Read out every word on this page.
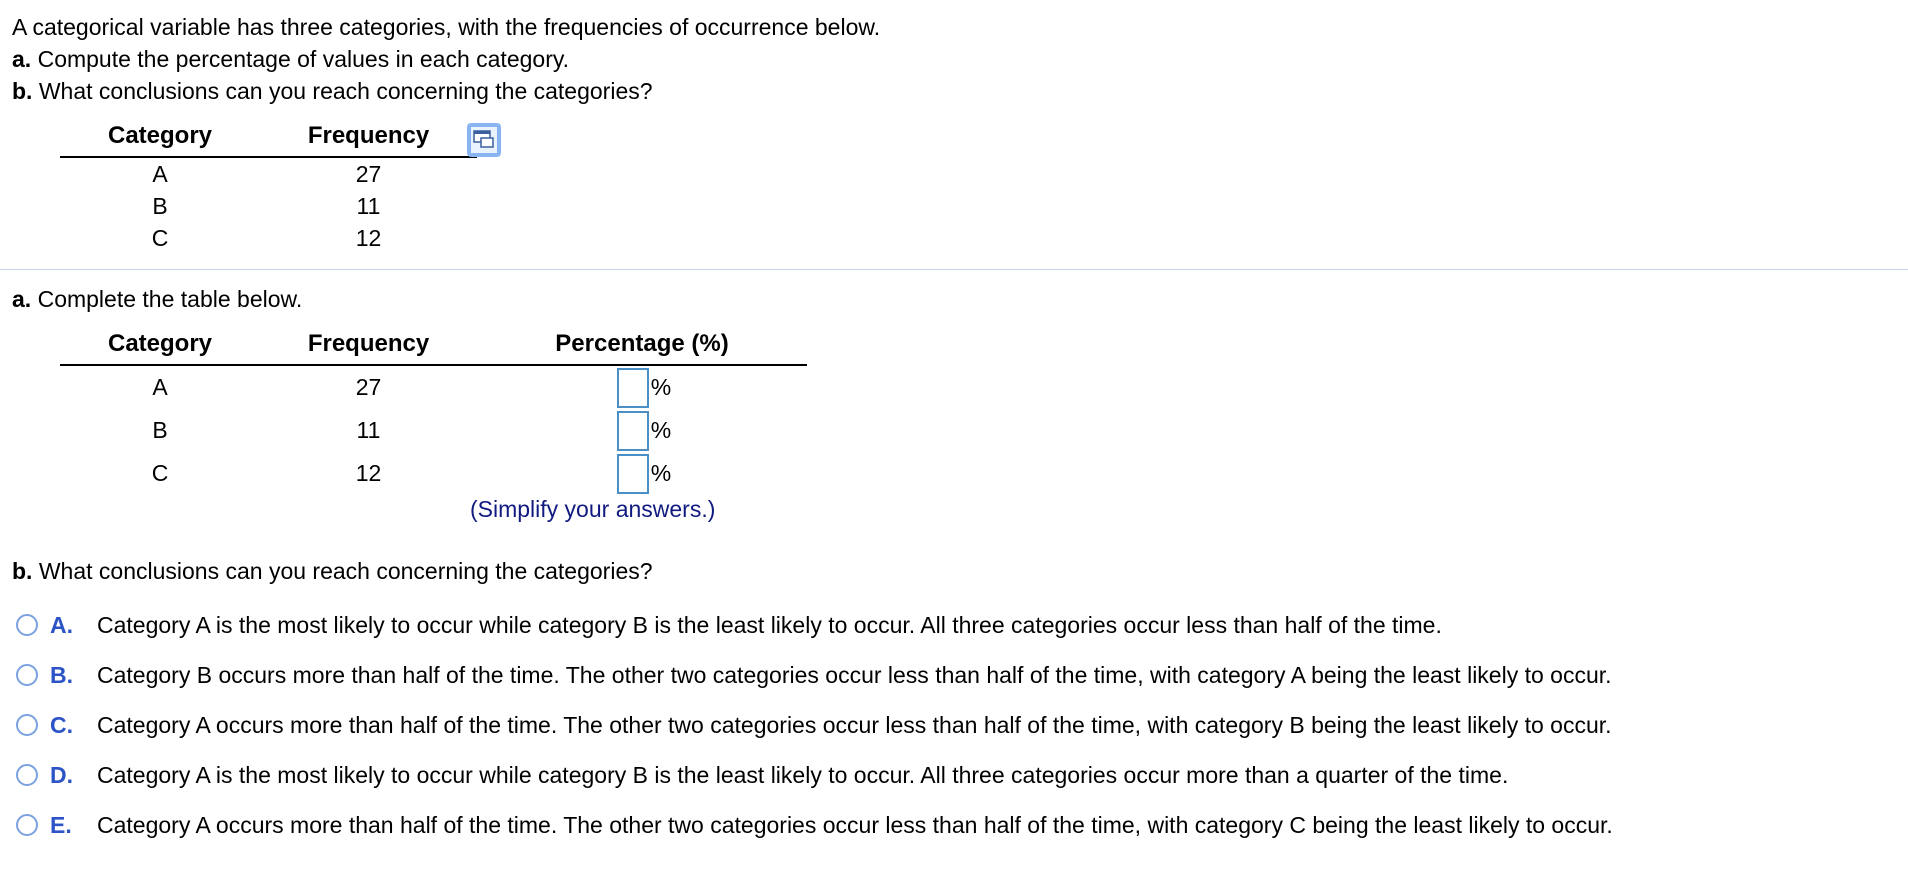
A categorical variable has three categories, with the frequencies of occurrence below.
a. Compute the percentage of values in each category.
b. What conclusions can you reach concerning the categories?
Category	Frequency
A	27
B	11
C	12
a. Complete the table below.
Category	Frequency	Percentage (%)
A	27	%

B	11	%

C	12	%
(Simplify your answers.)
b. What conclusions can you reach concerning the categories?
A.	Category A is the most likely to occur while category B is the least likely to occur. All three categories occur less than half of the time.
B.	Category B occurs more than half of the time. The other two categories occur less than half of the time, with category A being the least likely to occur.
C.	Category A occurs more than half of the time. The other two categories occur less than half of the time, with category B being the least likely to occur.
D.	Category A is the most likely to occur while category B is the least likely to occur. All three categories occur more than a quarter of the time.
E.	Category A occurs more than half of the time. The other two categories occur less than half of the time, with category C being the least likely to occur.
